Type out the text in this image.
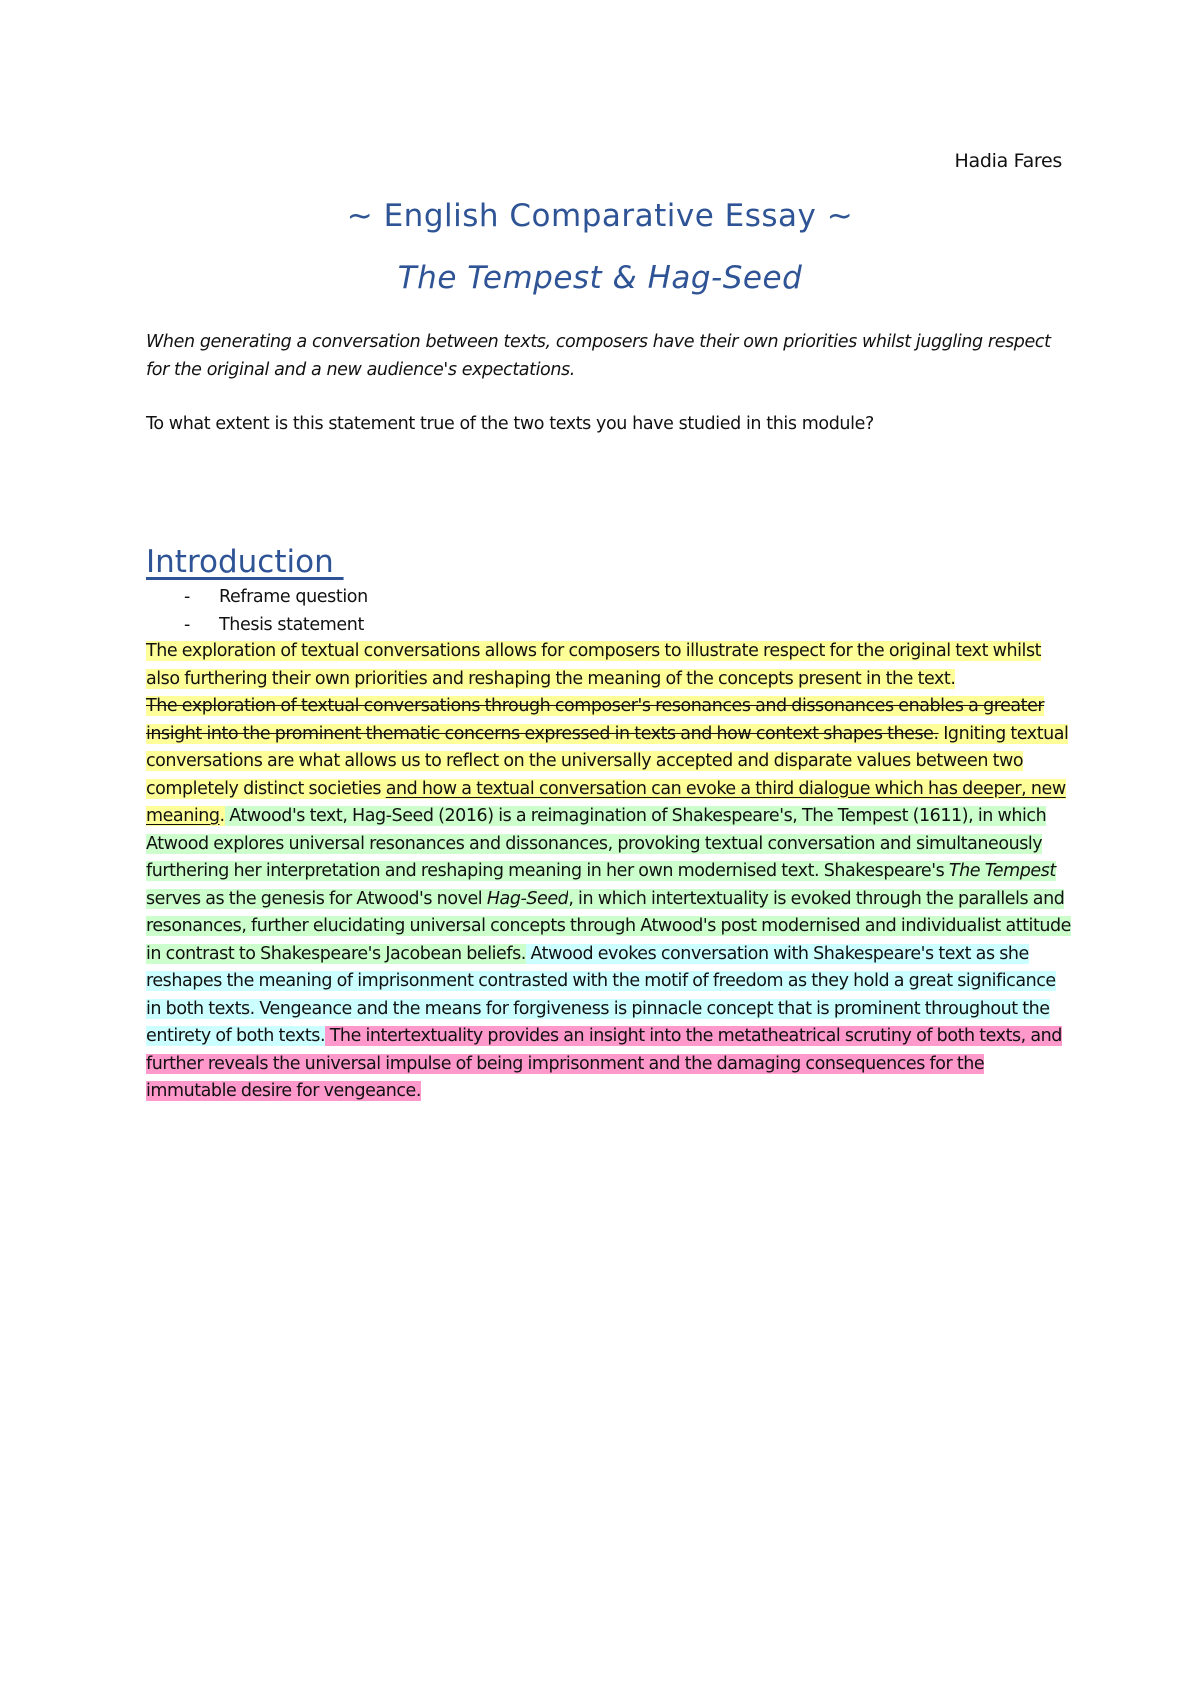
Hadia Fares
~ English Comparative Essay ~
The Tempest & Hag-Seed
When generating a conversation between texts, composers have their own priorities whilst juggling respect for the original and a new audience's expectations.
To what extent is this statement true of the two texts you have studied in this module?
Introduction
- Reframe question
- Thesis statement

The exploration of textual conversations allows for composers to illustrate respect for the original text whilst also furthering their own priorities and reshaping the meaning of the concepts present in the text.

The exploration of textual conversations through composer's resonances and dissonances enables a greater insight into the prominent thematic concerns expressed in texts and how context shapes these. Igniting textual conversations are what allows us to reflect on the universally accepted and disparate values between two completely distinct societies and how a textual conversation can evoke a third dialogue which has deeper, new meaning. Atwood's text, Hag-Seed (2016) is a reimagination of Shakespeare's, The Tempest (1611), in which Atwood explores universal resonances and dissonances, provoking textual conversation and simultaneously furthering her interpretation and reshaping meaning in her own modernised text. Shakespeare's The Tempest serves as the genesis for Atwood's novel Hag-Seed, in which intertextuality is evoked through the parallels and resonances, further elucidating universal concepts through Atwood's post modernised and individualist attitude in contrast to Shakespeare's Jacobean beliefs. Atwood evokes conversation with Shakespeare's text as she reshapes the meaning of imprisonment contrasted with the motif of freedom as they hold a great significance in both texts. Vengeance and the means for forgiveness is pinnacle concept that is prominent throughout the entirety of both texts. The intertextuality provides an insight into the metatheatrical scrutiny of both texts, and further reveals the universal impulse of being imprisonment and the damaging consequences for the immutable desire for vengeance.
